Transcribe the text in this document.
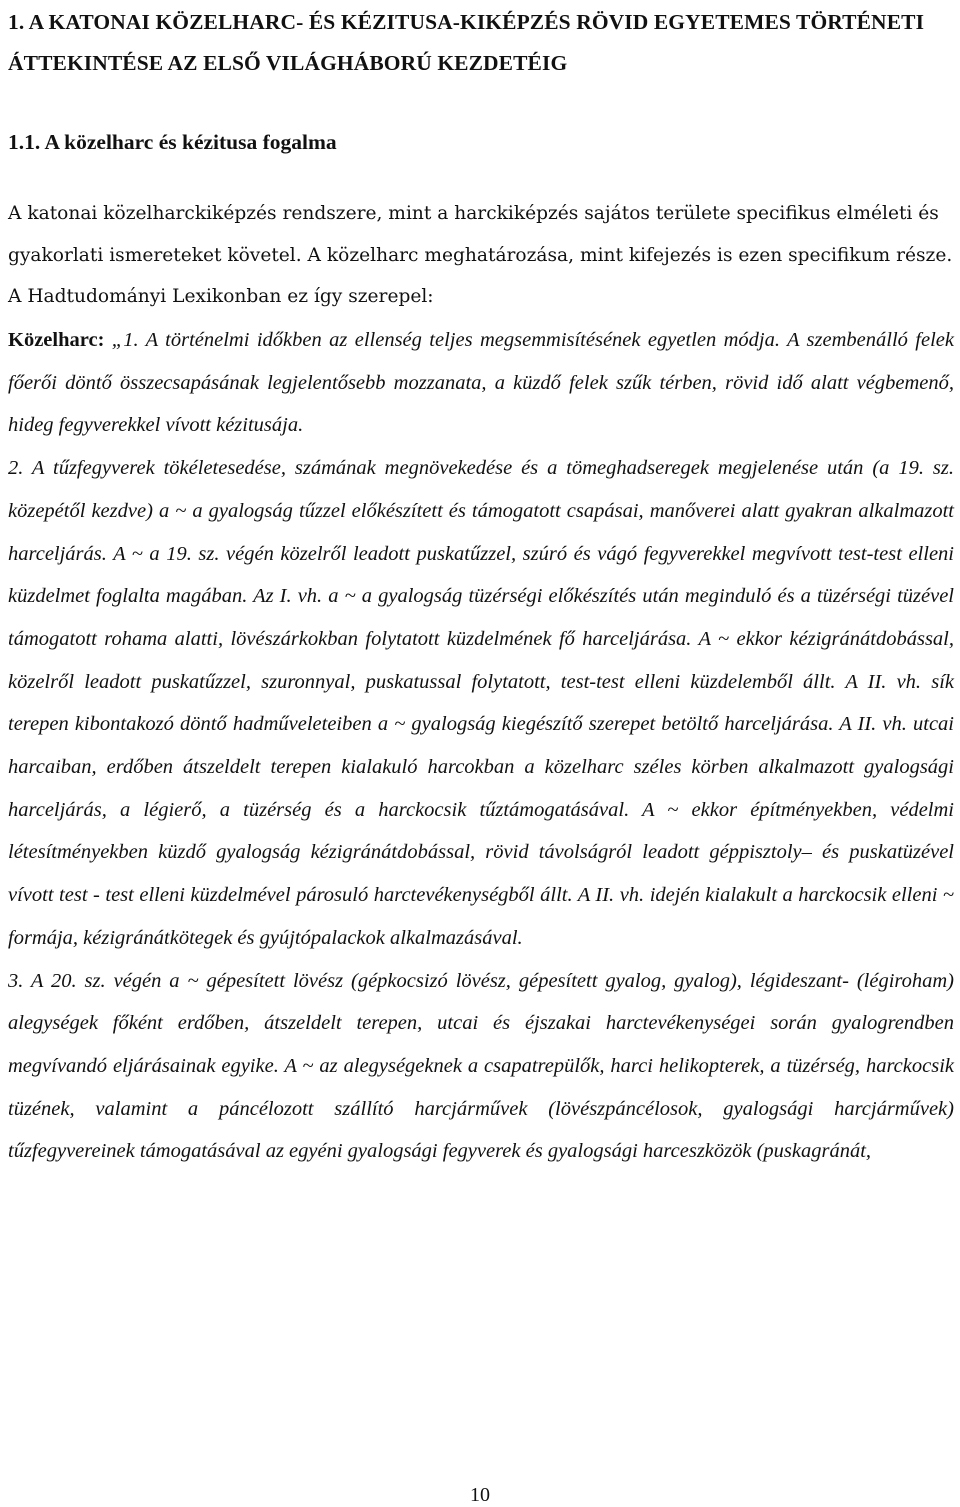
1. A KATONAI KÖZELHARC- ÉS KÉZITUSA-KIKÉPZÉS RÖVID EGYETEMES TÖRTÉNETI ÁTTEKINTÉSE AZ ELSŐ VILÁGHÁBORÚ KEZDETÉIG
1.1. A közelharc és kézitusa fogalma

A katonai közelharckiképzés rendszere, mint a harckiképzés sajátos területe specifikus elméleti és gyakorlati ismereteket követel. A közelharc meghatározása, mint kifejezés is ezen specifikum része. A Hadtudományi Lexikonban ez így szerepel:

Közelharc: „1. A történelmi időkben az ellenség teljes megsemmisítésének egyetlen módja. A szembenálló felek főerői döntő összecsapásának legjelentősebb mozzanata, a küzdő felek szűk térben, rövid idő alatt végbemenő, hideg fegyverekkel vívott kézitusája.
2. A tűzfegyverek tökéletesedése, számának megnövekedése és a tömeghadseregek megjelenése után (a 19. sz. közepétől kezdve) a ~ a gyalogság tűzzel előkészített és támogatott csapásai, manőverei alatt gyakran alkalmazott harceljárás. A ~ a 19. sz. végén közelről leadott puskatűzzel, szúró és vágó fegyverekkel megvívott test-test elleni küzdelmet foglalta magában. Az I. vh. a ~ a gyalogság tüzérségi előkészítés után meginduló és a tüzérségi tüzével támogatott rohama alatti, lövészárkokban folytatott küzdelmének fő harceljárása. A ~ ekkor kézigránátdobással, közelről leadott puskatűzzel, szuronnyal, puskatussal folytatott, test-test elleni küzdelemből állt. A II. vh. sík terepen kibontakozó döntő hadműveleteiben a ~ gyalogság kiegészítő szerepet betöltő harceljárása. A II. vh. utcai harcaiban, erdőben átszeldelt terepen kialakuló harcokban a közelharc széles körben alkalmazott gyalogsági harceljárás, a légierő, a tüzérség és a harckocsik tűztámogatásával. A ~ ekkor építményekben, védelmi létesítményekben küzdő gyalogság kézigránátdobással, rövid távolságról leadott géppisztoly– és puskatüzével vívott test - test elleni küzdelmével párosuló harctevékenységből állt. A II. vh. idején kialakult a harckocsik elleni ~ formája, kézigránátkötegek és gyújtópalackok alkalmazásával.
3. A 20. sz. végén a ~ gépesített lövész (gépkocsizó lövész, gépesített gyalog, gyalog), légideszant- (légiroham) alegységek főként erdőben, átszeldelt terepen, utcai és éjszakai harctevékenységei során gyalogrendben megvívandó eljárásainak egyike. A ~ az alegységeknek a csapatrepülők, harci helikopterek, a tüzérség, harckocsik tüzének, valamint a páncélozott szállító harcjárművek (lövészpáncélosok, gyalogsági harcjárművek) tűzfegyvereinek támogatásával az egyéni gyalogsági fegyverek és gyalogsági harceszközök (puskagránát,
10
